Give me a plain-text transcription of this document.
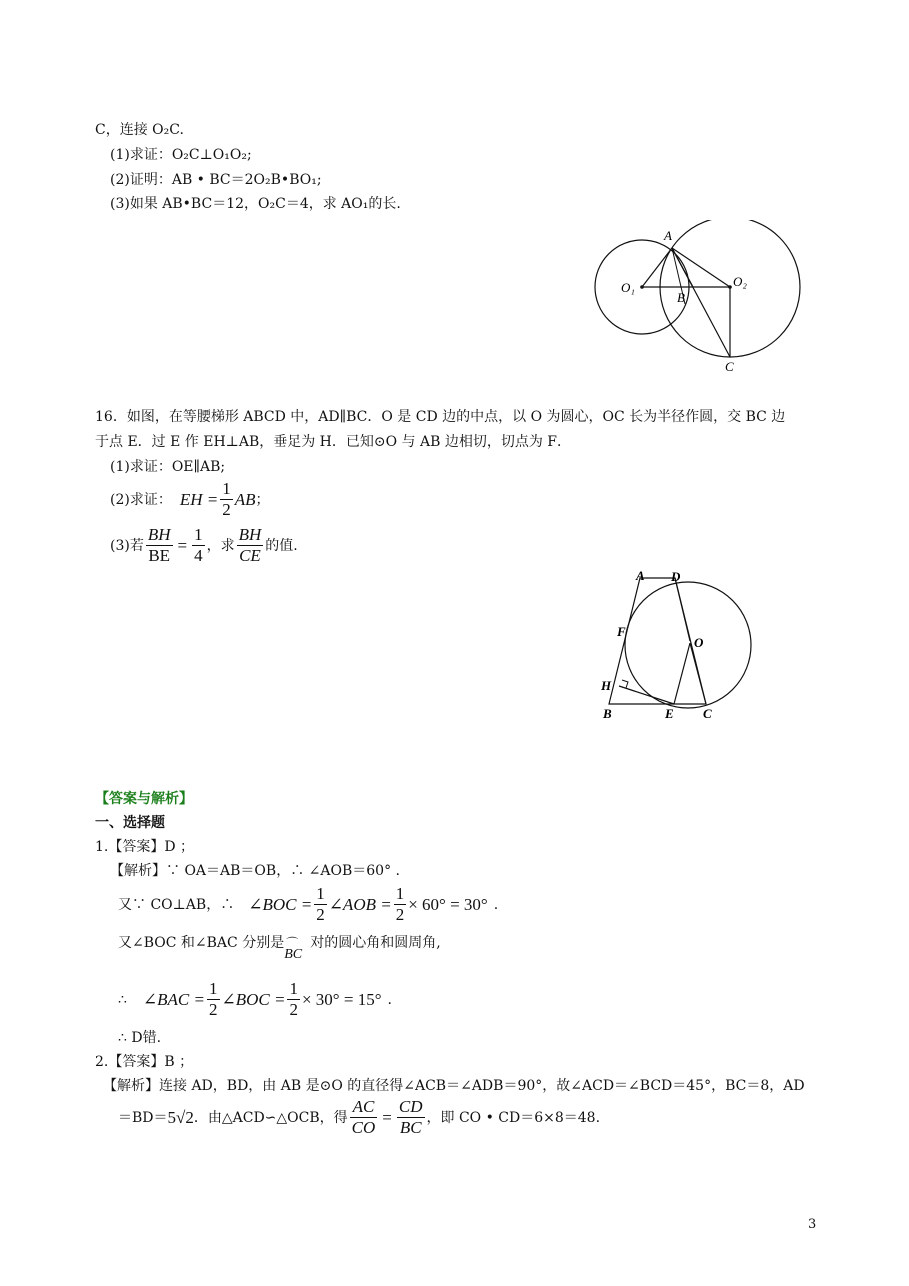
C，连接 O₂C.
(1)求证：O₂C⊥O₁O₂;
(2)证明：AB • BC＝2O₂B•BO₁;
(3)如果 AB•BC＝12，O₂C＝4，求 AO₁的长.
A
O₁
B
O₂
C
16．如图，在等腰梯形 ABCD 中，AD∥BC．O 是 CD 边的中点，以 O 为圆心，OC 长为半径作圆，交 BC 边
于点 E．过 E 作 EH⊥AB，垂足为 H．已知⊙O 与 AB 边相切，切点为 F．
(1)求证：OE∥AB;
(2)求证： EH = $\frac{1}{2}$ AB ；
(3)若 $\frac{BH}{BE} = \frac{1}{4}$ ，求 $\frac{BH}{CE}$ 的值.
A D
F
O
H
B	E C
【答案与解析】
一、选择题
1.【答案】D ；
【解析】∵ OA＝AB＝OB，∴ ∠AOB＝60° .
又∵ CO⊥AB，∴ ∠BOC = $\frac{1}{2}$ ∠AOB = $\frac{1}{2} \times 60^\circ = 30^\circ$ .
又∠BOC 和∠BAC 分别是 ⌒
BC
对的圆心角和圆周角,
∴ ∠BAC = $\frac{1}{2}$ ∠BOC = $\frac{1}{2} \times 30^\circ = 15^\circ$ .
∴ D错.
2.【答案】B ；
【解析】连接 AD，BD，由 AB 是⊙O 的直径得∠ACB＝∠ADB＝90°，故∠ACD＝∠BCD＝45°，BC＝8，AD
＝BD＝ 5√2 ．由△ACD∽△OCB，得 $\frac{AC}{CO} = \frac{CD}{BC}$ ，即 CO • CD＝6×8＝48.
3
